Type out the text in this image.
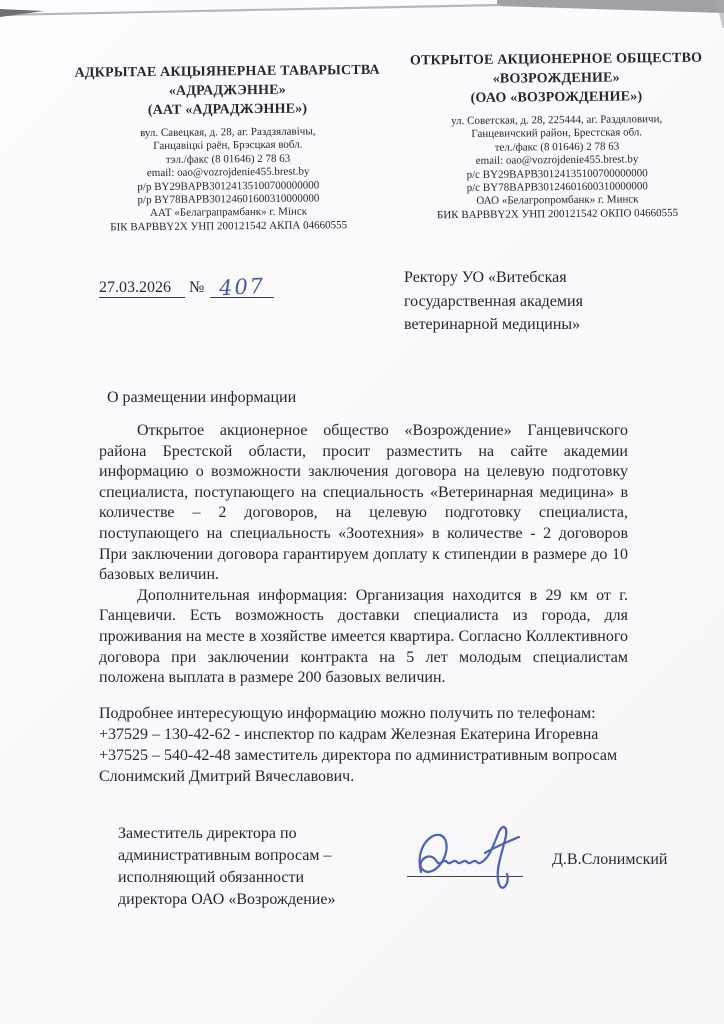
АДКРЫТАЕ АКЦЫЯНЕРНАЕ ТАВАРЫСТВА
«АДРАДЖЭННЕ»
(ААТ «АДРАДЖЭННЕ»)
вул. Савецкая, д. 28, аг. Раздзялавічы,
Ганцавіцкі раён, Брэсцкая вобл.
тэл./факс (8 01646) 2 78 63
email: oao@vozrojdenie455.brest.by
р/р BY29BAPB30124135100700000000
р/р BY78BAPB30124601600310000000
ААТ «Белаграпрамбанк» г. Мінск
БІК BAPBBY2X УНП 200121542 АКПА 04660555
ОТКРЫТОЕ АКЦИОНЕРНОЕ ОБЩЕСТВО
«ВОЗРОЖДЕНИЕ»
(ОАО «ВОЗРОЖДЕНИЕ»)
ул. Советская, д. 28, 225444, аг. Раздяловичи,
Ганцевичский район, Брестская обл.
тел./факс (8 01646) 2 78 63
email: oao@vozrojdenie455.brest.by
р/с BY29BAPB30124135100700000000
р/с BY78BAPB30124601600310000000
ОАО «Белагропромбанк» г. Минск
БИК BAPBBY2X УНП 200121542 ОКПО 04660555
27.03.2026 № 407	Ректору УО «Витебская
государственная академия
ветеринарной медицины»
О размещении информации

Открытое акционерное общество «Возрождение» Ганцевичского района Брестской области, просит разместить на сайте академии информацию о возможности заключения договора на целевую подготовку специалиста, поступающего на специальность «Ветеринарная медицина» в количестве – 2 договоров, на целевую подготовку специалиста, поступающего на специальность «Зоотехния» в количестве - 2 договоров При заключении договора гарантируем доплату к стипендии в размере до 10 базовых величин.

Дополнительная информация: Организация находится в 29 км от г. Ганцевичи. Есть возможность доставки специалиста из города, для проживания на месте в хозяйстве имеется квартира. Согласно Коллективного договора при заключении контракта на 5 лет молодым специалистам положена выплата в размере 200 базовых величин.

Подробнее интересующую информацию можно получить по телефонам:

+37529 – 130-42-62 - инспектор по кадрам Железная Екатерина Игоревна

+37525 – 540-42-48 заместитель директора по административным вопросам Слонимский Дмитрий Вячеславович.

Заместитель директора по
административным вопросам –
исполняющий обязанности
директора ОАО «Возрождение»
Д.В.Слонимский
